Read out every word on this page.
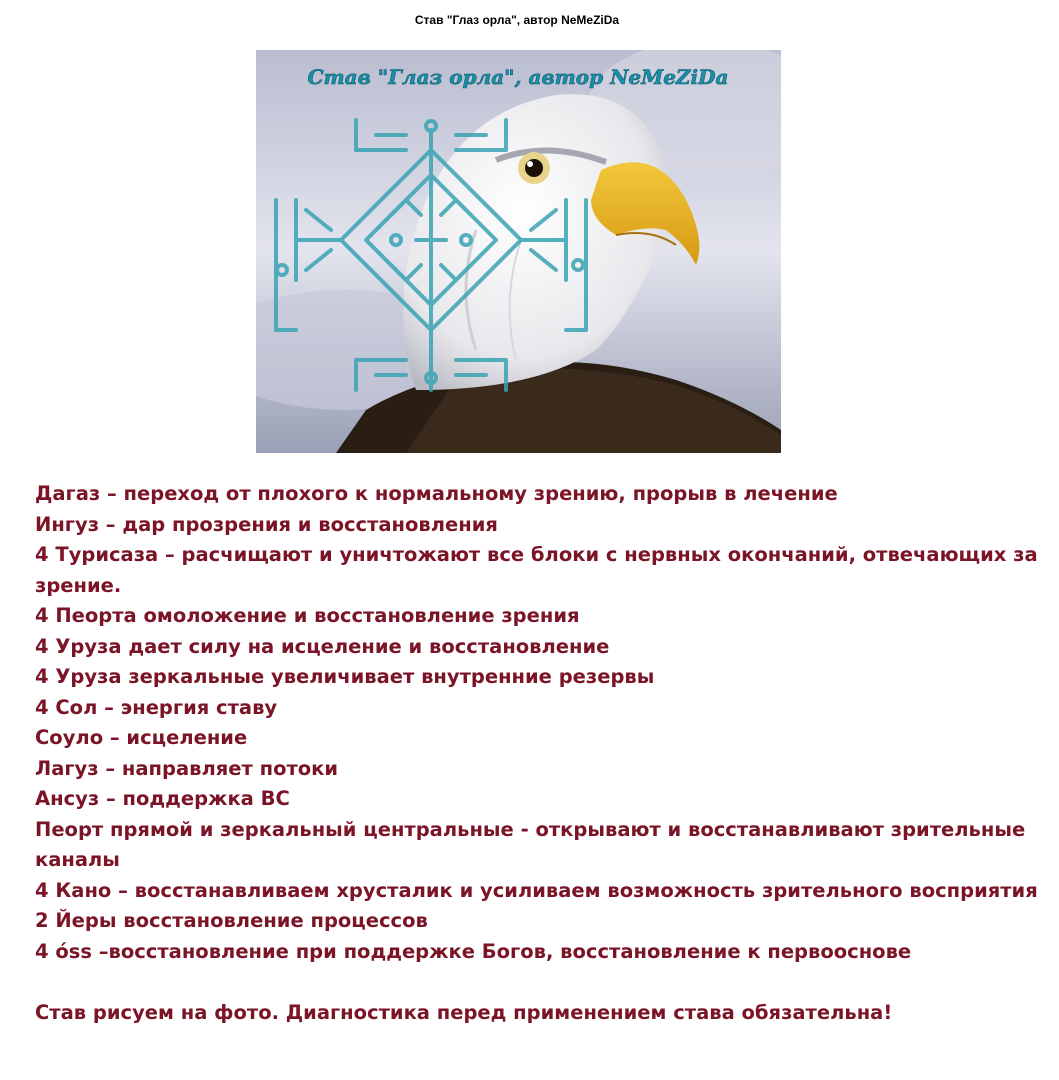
Став "Глаз орла", автор NeMeZiDa
Став "Глаз орла", автор NeMeZiDa

Дагаз – переход от плохого к нормальному зрению, прорыв в лечение

Ингуз – дар прозрения и восстановления

4 Турисаза – расчищают и уничтожают все блоки с нервных окончаний, отвечающих за зрение.

4 Пеорта омоложение и восстановление зрения

4 Уруза дает силу на исцеление и восстановление

4 Уруза зеркальные увеличивает внутренние резервы

4 Сол – энергия ставу

Соуло – исцеление

Лагуз – направляет потоки

Ансуз – поддержка ВС

Пеорт прямой и зеркальный центральные - открывают и восстанавливают зрительные каналы

4 Кано – восстанавливаем хрусталик и усиливаем возможность зрительного восприятия

2 Йеры восстановление процессов

4 óss –восстановление при поддержке Богов, восстановление к первооснове

Став рисуем на фото. Диагностика перед применением става обязательна!
